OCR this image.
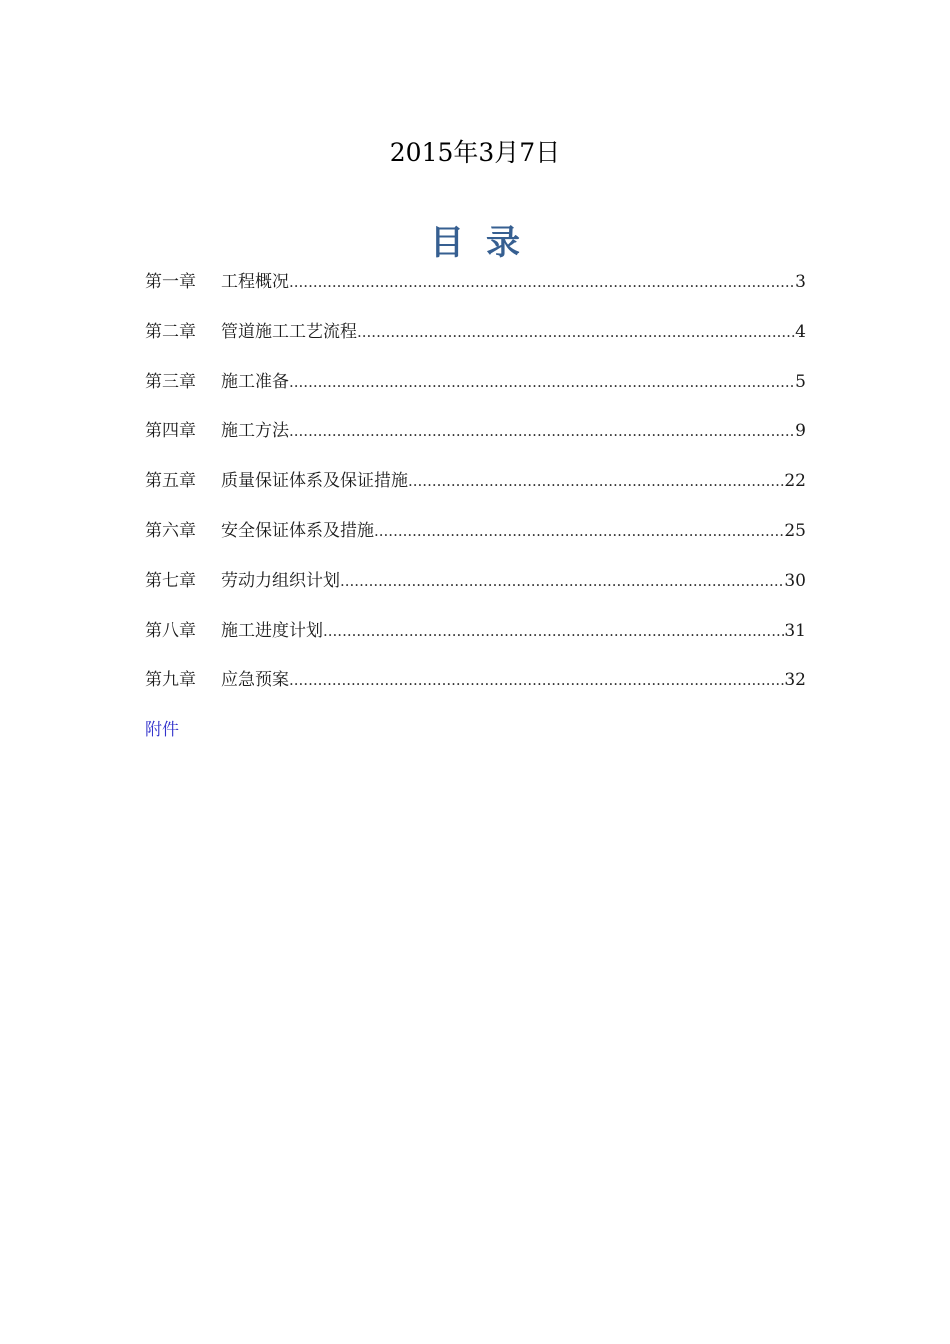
2015年3月7日
目录
第一章	工程概况 .....	3
第二章	管道施工工艺流程 .....	4
第三章	施工准备 .....	5
第四章	施工方法 .....	9
第五章	质量保证体系及保证措施 .....	22
第六章	安全保证体系及措施 .....	25
第七章	劳动力组织计划 .....	30
第八章	施工进度计划 .....	31
第九章	应急预案 .....	32
附件
